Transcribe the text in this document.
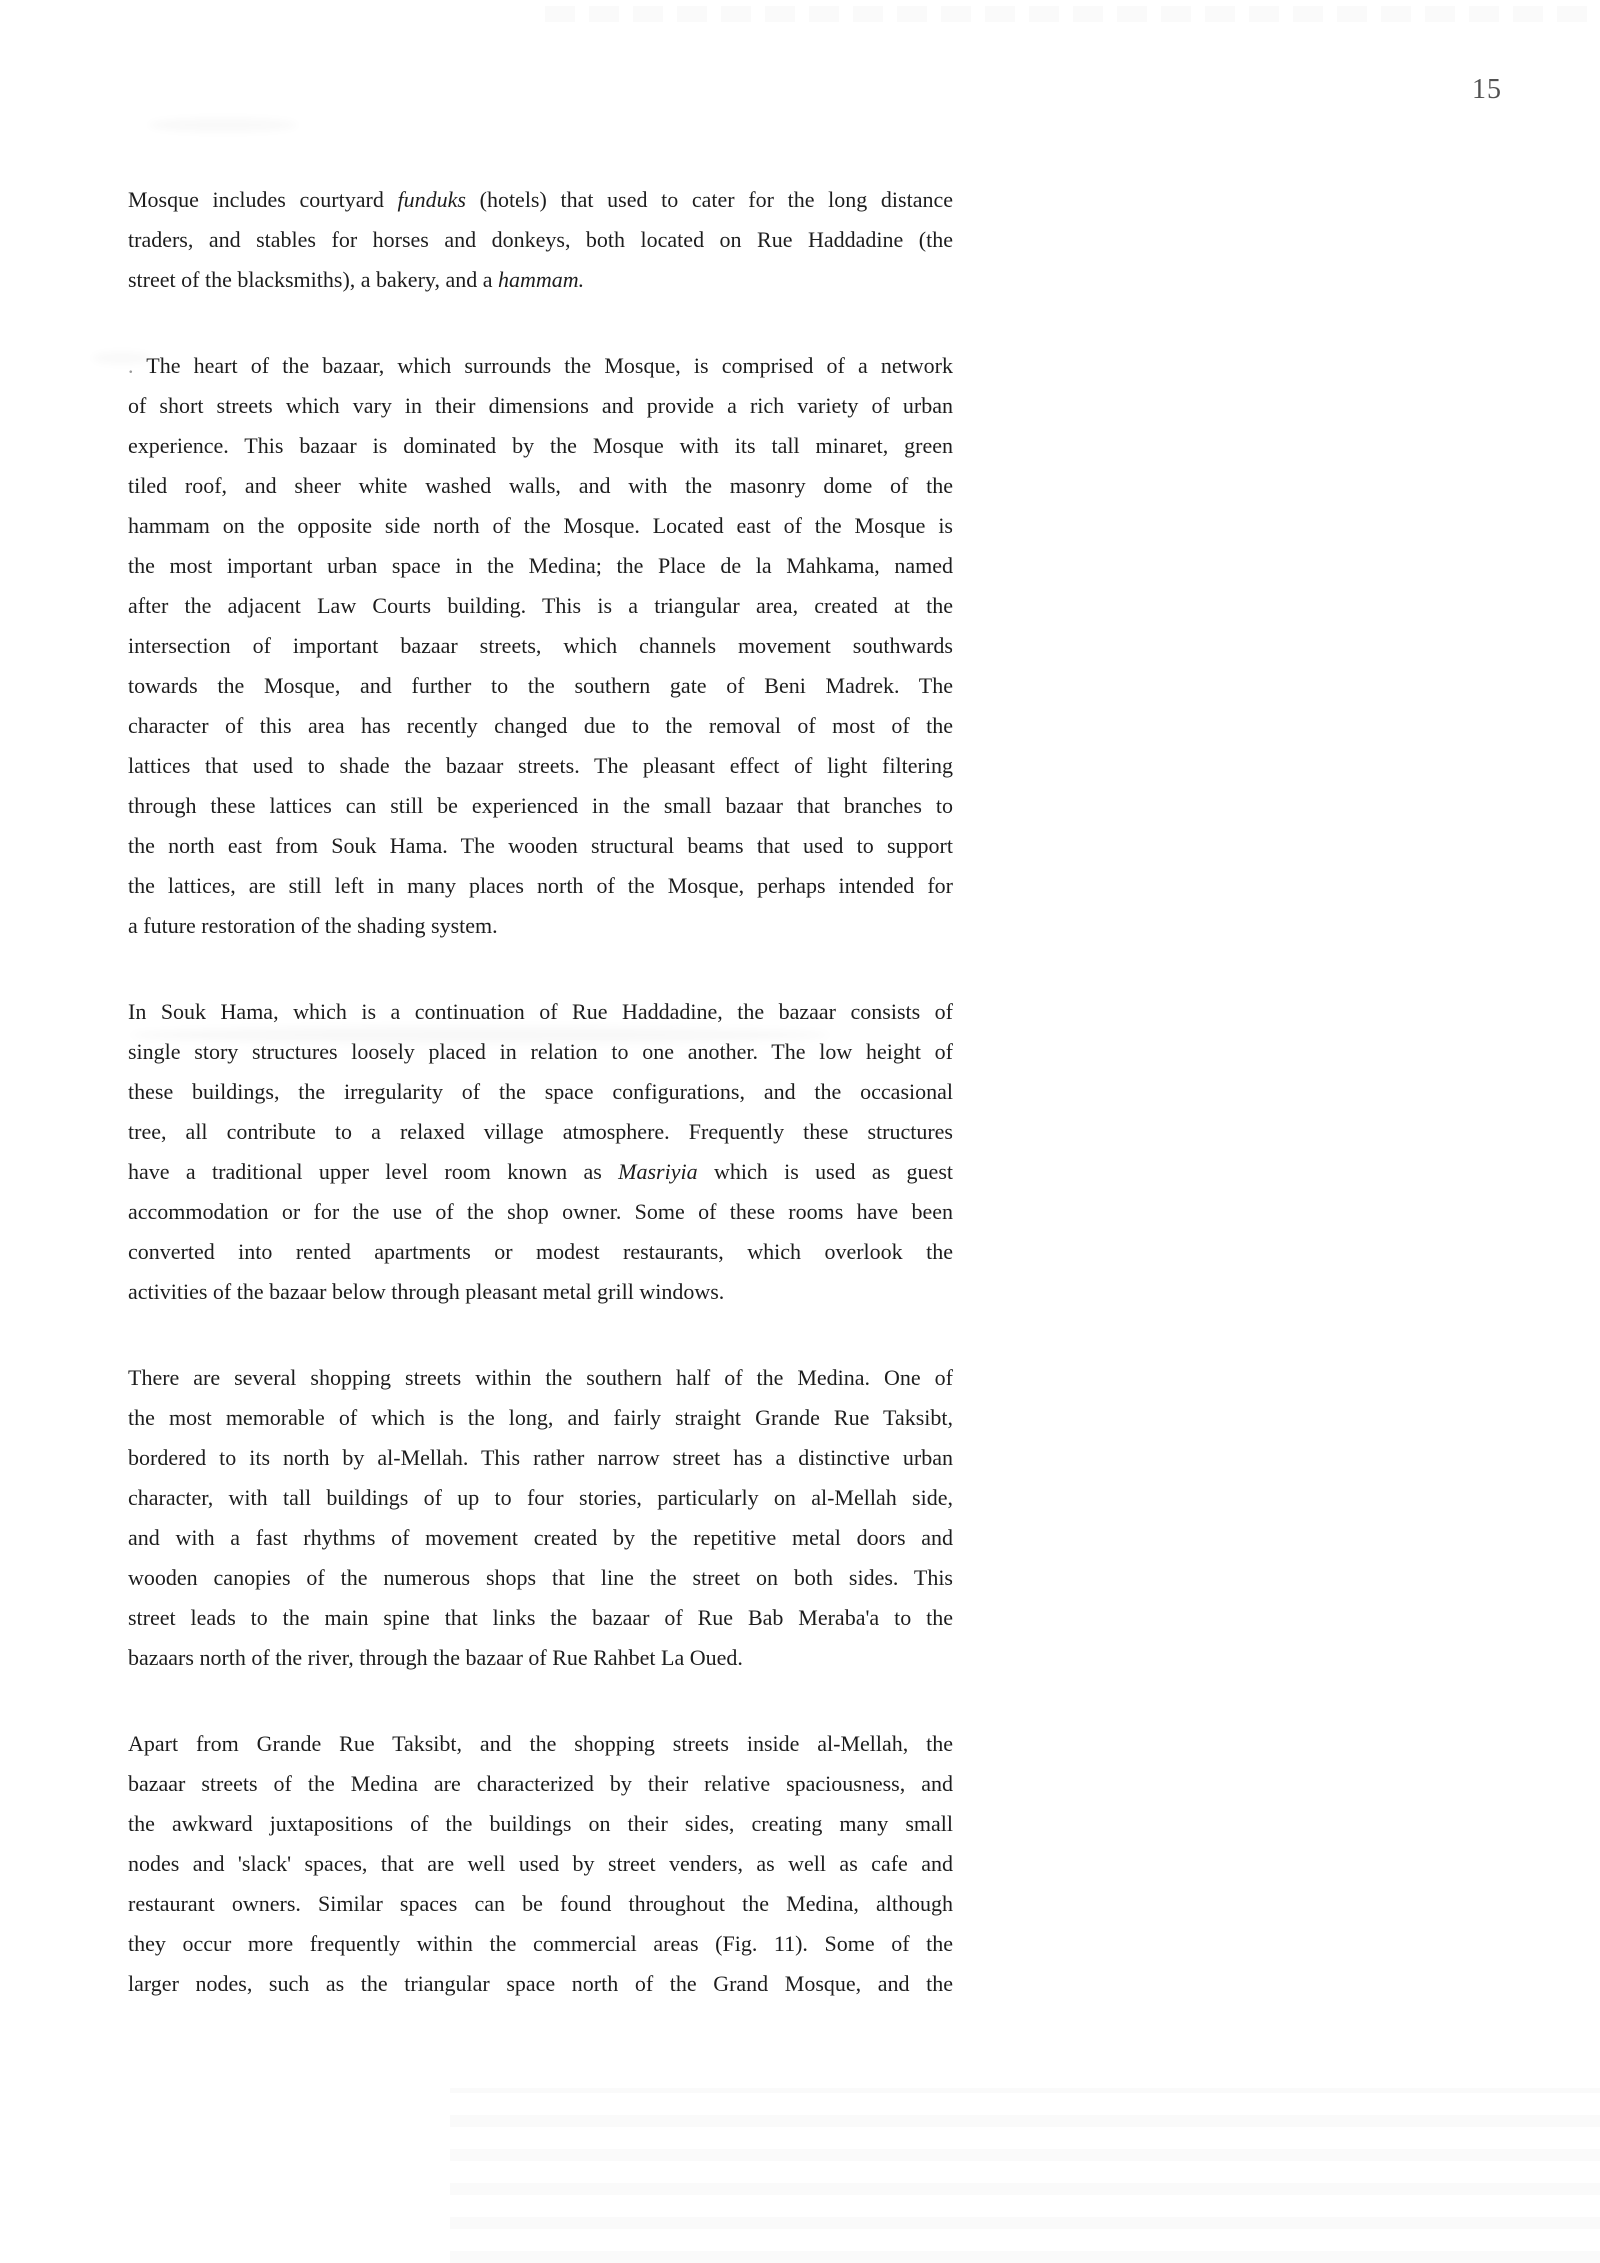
15
Mosque includes courtyard funduks (hotels) that used to cater for the long distance
traders, and stables for horses and donkeys, both located on Rue Haddadine (the
street of the blacksmiths), a bakery, and a hammam.
. The heart of the bazaar, which surrounds the Mosque, is comprised of a network
of short streets which vary in their dimensions and provide a rich variety of urban
experience. This bazaar is dominated by the Mosque with its tall minaret, green
tiled roof, and sheer white washed walls, and with the masonry dome of the
hammam on the opposite side north of the Mosque. Located east of the Mosque is
the most important urban space in the Medina; the Place de la Mahkama, named
after the adjacent Law Courts building. This is a triangular area, created at the
intersection of important bazaar streets, which channels movement southwards
towards the Mosque, and further to the southern gate of Beni Madrek. The
character of this area has recently changed due to the removal of most of the
lattices that used to shade the bazaar streets. The pleasant effect of light filtering
through these lattices can still be experienced in the small bazaar that branches to
the north east from Souk Hama. The wooden structural beams that used to support
the lattices, are still left in many places north of the Mosque, perhaps intended for
a future restoration of the shading system.
In Souk Hama, which is a continuation of Rue Haddadine, the bazaar consists of
single story structures loosely placed in relation to one another. The low height of
these buildings, the irregularity of the space configurations, and the occasional
tree, all contribute to a relaxed village atmosphere. Frequently these structures
have a traditional upper level room known as Masriyia which is used as guest
accommodation or for the use of the shop owner. Some of these rooms have been
converted into rented apartments or modest restaurants, which overlook the
activities of the bazaar below through pleasant metal grill windows.
There are several shopping streets within the southern half of the Medina. One of
the most memorable of which is the long, and fairly straight Grande Rue Taksibt,
bordered to its north by al-Mellah. This rather narrow street has a distinctive urban
character, with tall buildings of up to four stories, particularly on al-Mellah side,
and with a fast rhythms of movement created by the repetitive metal doors and
wooden canopies of the numerous shops that line the street on both sides. This
street leads to the main spine that links the bazaar of Rue Bab Meraba'a to the
bazaars north of the river, through the bazaar of Rue Rahbet La Oued.
Apart from Grande Rue Taksibt, and the shopping streets inside al-Mellah, the
bazaar streets of the Medina are characterized by their relative spaciousness, and
the awkward juxtapositions of the buildings on their sides, creating many small
nodes and 'slack' spaces, that are well used by street venders, as well as cafe and
restaurant owners. Similar spaces can be found throughout the Medina, although
they occur more frequently within the commercial areas (Fig. 11). Some of the
larger nodes, such as the triangular space north of the Grand Mosque, and the
